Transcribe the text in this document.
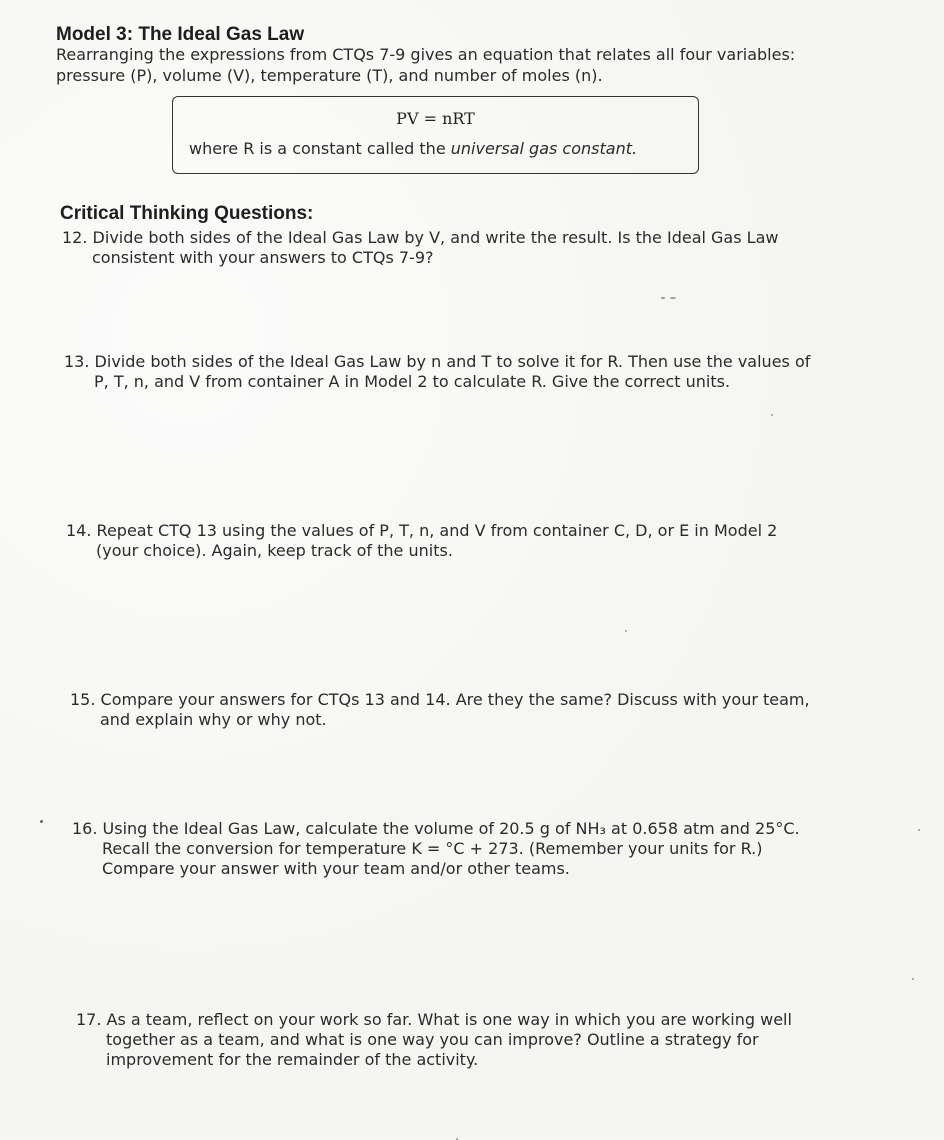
Model 3: The Ideal Gas Law

Rearranging the expressions from CTQs 7-9 gives an equation that relates all four variables:

pressure (P), volume (V), temperature (T), and number of moles (n).

PV = nRT
where R is a constant called the universal gas constant.
Critical Thinking Questions:
12. Divide both sides of the Ideal Gas Law by V, and write the result. Is the Ideal Gas Law
consistent with your answers to CTQs 7-9?
13. Divide both sides of the Ideal Gas Law by n and T to solve it for R. Then use the values of
P, T, n, and V from container A in Model 2 to calculate R. Give the correct units.
14. Repeat CTQ 13 using the values of P, T, n, and V from container C, D, or E in Model 2
(your choice). Again, keep track of the units.
15. Compare your answers for CTQs 13 and 14. Are they the same? Discuss with your team,
and explain why or why not.
16. Using the Ideal Gas Law, calculate the volume of 20.5 g of NH₃ at 0.658 atm and 25°C.
Recall the conversion for temperature K = °C + 273. (Remember your units for R.)
Compare your answer with your team and/or other teams.
17. As a team, reflect on your work so far. What is one way in which you are working well
together as a team, and what is one way you can improve? Outline a strategy for
improvement for the remainder of the activity.
